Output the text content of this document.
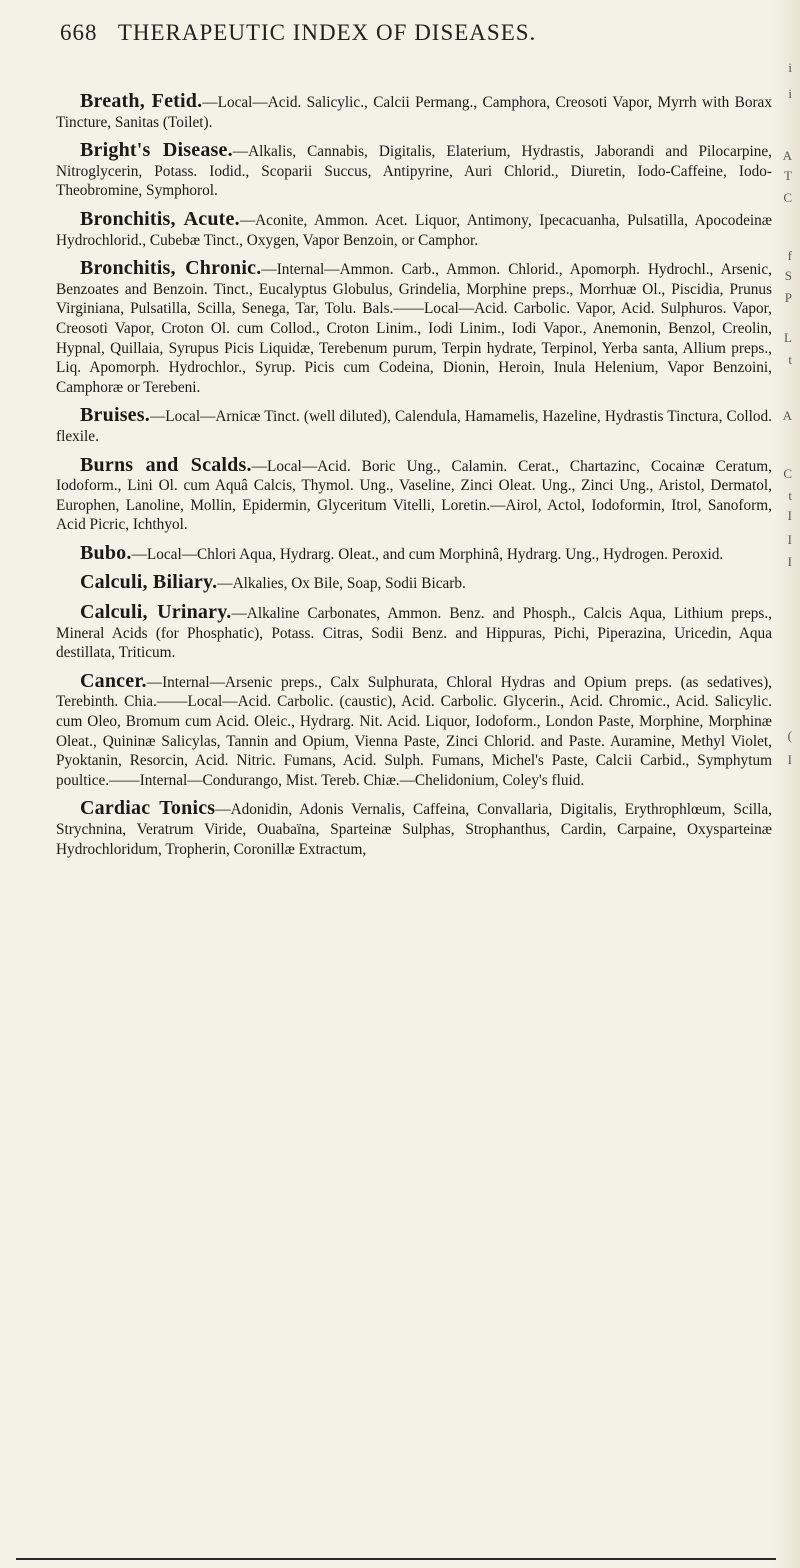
668 THERAPEUTIC INDEX OF DISEASES.

Breath, Fetid.—Local—Acid. Salicylic., Calcii Permang., Camphora, Creosoti Vapor, Myrrh with Borax Tincture, Sanitas (Toilet).

Bright's Disease.—Alkalis, Cannabis, Digitalis, Elaterium, Hydrastis, Jaborandi and Pilocarpine, Nitroglycerin, Potass. Iodid., Scoparii Succus, Antipyrine, Auri Chlorid., Diuretin, Iodo-Caffeine, Iodo-Theobromine, Symphorol.

Bronchitis, Acute.—Aconite, Ammon. Acet. Liquor, Antimony, Ipecacuanha, Pulsatilla, Apocodeinæ Hydrochlorid., Cubebæ Tinct., Oxygen, Vapor Benzoin, or Camphor.

Bronchitis, Chronic.—Internal—Ammon. Carb., Ammon. Chlorid., Apomorph. Hydrochl., Arsenic, Benzoates and Benzoin. Tinct., Eucalyptus Globulus, Grindelia, Morphine preps., Morrhuæ Ol., Piscidia, Prunus Virginiana, Pulsatilla, Scilla, Senega, Tar, Tolu. Bals.——Local—Acid. Carbolic. Vapor, Acid. Sulphuros. Vapor, Creosoti Vapor, Croton Ol. cum Collod., Croton Linim., Iodi Linim., Iodi Vapor., Anemonin, Benzol, Creolin, Hypnal, Quillaia, Syrupus Picis Liquidæ, Terebenum purum, Terpin hydrate, Terpinol, Yerba santa, Allium preps., Liq. Apomorph. Hydrochlor., Syrup. Picis cum Codeina, Dionin, Heroin, Inula Helenium, Vapor Benzoini, Camphoræ or Terebeni.

Bruises.—Local—Arnicæ Tinct. (well diluted), Calendula, Hamamelis, Hazeline, Hydrastis Tinctura, Collod. flexile.

Burns and Scalds.—Local—Acid. Boric Ung., Calamin. Cerat., Chartazinc, Cocainæ Ceratum, Iodoform., Lini Ol. cum Aquâ Calcis, Thymol. Ung., Vaseline, Zinci Oleat. Ung., Zinci Ung., Aristol, Dermatol, Europhen, Lanoline, Mollin, Epidermin, Glyceritum Vitelli, Loretin.—Airol, Actol, Iodoformin, Itrol, Sanoform, Acid Picric, Ichthyol.

Bubo.—Local—Chlori Aqua, Hydrarg. Oleat., and cum Morphinâ, Hydrarg. Ung., Hydrogen. Peroxid.

Calculi, Biliary.—Alkalies, Ox Bile, Soap, Sodii Bicarb.

Calculi, Urinary.—Alkaline Carbonates, Ammon. Benz. and Phosph., Calcis Aqua, Lithium preps., Mineral Acids (for Phosphatic), Potass. Citras, Sodii Benz. and Hippuras, Pichi, Piperazina, Uricedin, Aqua destillata, Triticum.

Cancer.—Internal—Arsenic preps., Calx Sulphurata, Chloral Hydras and Opium preps. (as sedatives), Terebinth. Chia.——Local—Acid. Carbolic. (caustic), Acid. Carbolic. Glycerin., Acid. Chromic., Acid. Salicylic. cum Oleo, Bromum cum Acid. Oleic., Hydrarg. Nit. Acid. Liquor, Iodoform., London Paste, Morphine, Morphinæ Oleat., Quininæ Salicylas, Tannin and Opium, Vienna Paste, Zinci Chlorid. and Paste. Auramine, Methyl Violet, Pyoktanin, Resorcin, Acid. Nitric. Fumans, Acid. Sulph. Fumans, Michel's Paste, Calcii Carbid., Symphytum poultice.——Internal—Condurango, Mist. Tereb. Chiæ.—Chelidonium, Coley's fluid.

Cardiac Tonics—Adonidin, Adonis Vernalis, Caffeina, Convallaria, Digitalis, Erythrophlœum, Scilla, Strychnina, Veratrum Viride, Ouabaïna, Sparteinæ Sulphas, Strophanthus, Cardin, Carpaine, Oxysparteinæ Hydrochloridum, Tropherin, Coronillæ Extractum,

i
i
A
T
C
f
S
P
L
t
A
C
t
I
I
I
(
I
